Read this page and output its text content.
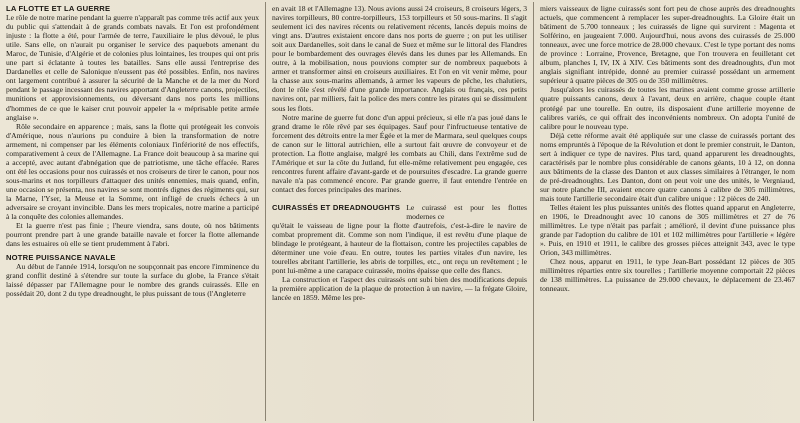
LA FLOTTE ET LA GUERRE

Le rôle de notre marine pendant la guerre n'apparaît pas comme très actif aux yeux du public qui s'attendait à de grands combats navals. Et l'on est profondément injuste : la flotte a été, pour l'armée de terre, l'auxiliaire le plus dévoué, le plus utile. Sans elle, on n'aurait pu organiser le service des paquebots amenant du Maroc, de Tunisie, d'Algérie et de colonies plus lointaines, les troupes qui ont pris une part si éclatante à toutes les batailles. Sans elle aussi l'entreprise des Dardanelles et celle de Salonique n'eussent pas été possibles. Enfin, nos navires ont largement contribué à assurer la sécurité de la Manche et de la mer du Nord pendant le passage incessant des navires apportant d'Angleterre canons, projectiles, munitions et approvisionnements, ou déversant dans nos ports les millions d'hommes de ce que le kaiser crut pouvoir appeler la « méprisable petite armée anglaise ».

Rôle secondaire en apparence ; mais, sans la flotte qui protégeait les convois d'Amérique, nous n'aurions pu conduire à bien la transformation de notre armement, ni compenser par les éléments coloniaux l'infériorité de nos effectifs, comparativement à ceux de l'Allemagne. La France doit beaucoup à sa marine qui a accepté, avec autant d'abnégation que de patriotisme, une tâche effacée. Rares ont été les occasions pour nos cuirassés et nos croiseurs de tirer le canon, pour nos sous-marins et nos torpilleurs d'attaquer des unités ennemies, mais quand, enfin, une occasion se présenta, nos navires se sont montrés dignes des régiments qui, sur la Marne, l'Yser, la Meuse et la Somme, ont infligé de cruels échecs à un adversaire se croyant invincible. Dans les mers tropicales, notre marine a participé à la conquête des colonies allemandes.

Et la guerre n'est pas finie ; l'heure viendra, sans doute, où nos bâtiments pourront prendre part à une grande bataille navale et forcer la flotte allemande dans les estuaires où elle se tient prudemment à l'abri.

NOTRE PUISSANCE NAVALE

Au début de l'année 1914, lorsqu'on ne soupçonnait pas encore l'imminence du grand conflit destiné à s'étendre sur toute la surface du globe, la France s'était laissé dépasser par l'Allemagne pour le nombre des grands cuirassés. Elle en possédait 20, dont 2 du type dreadnought, le plus puissant de tous (l'Angleterre

en avait 18 et l'Allemagne 13). Nous avions aussi 24 croiseurs, 8 croiseurs légers, 3 navires torpilleurs, 80 contre-torpilleurs, 153 torpilleurs et 50 sous-marins. Il s'agit seulement ici des navires récents ou relativement récents, lancés depuis moins de vingt ans. D'autres existaient encore dans nos ports de guerre ; on put les utiliser soit aux Dardanelles, soit dans le canal de Suez et même sur le littoral des Flandres pour le bombardement des ouvrages élevés dans les dunes par les Allemands. En outre, à la mobilisation, nous pouvions compter sur de nombreux paquebots à armer et transformer ainsi en croiseurs auxiliaires. Et l'on en vit venir même, pour la chasse aux sous-marins allemands, à armer les vapeurs de pêche, les chalutiers, dont le rôle s'est révélé d'une grande importance. Anglais ou français, ces petits navires ont, par milliers, fait la police des mers contre les pirates qui se dissimulent sous les flots.

Notre marine de guerre fut donc d'un appui précieux, si elle n'a pas joué dans le grand drame le rôle rêvé par ses équipages. Sauf pour l'infructueuse tentative de forcement des détroits entre la mer Égée et la mer de Marmara, seul quelques coups de canon sur le littoral autrichien, elle a surtout fait œuvre de convoyeur et de protection. La flotte anglaise, malgré les combats au Chili, dans l'extrême sud de l'Amérique et sur la côte du Jutland, fut elle-même relativement peu engagée, ces rencontres furent affaire d'avant-garde et de poursuites d'escadre. La grande guerre navale n'a pas commencé encore. Par grande guerre, il faut entendre l'entrée en contact des forces principales des marines.

CUIRASSÉS ET DREADNOUGHTS Le cuirassé est pour les flottes modernes ce

qu'était le vaisseau de ligne pour la flotte d'autrefois, c'est-à-dire le navire de combat proprement dit. Comme son nom l'indique, il est revêtu d'une plaque de blindage le protégeant, à hauteur de la flottaison, contre les projectiles capables de déterminer une voie d'eau. En outre, toutes les parties vitales d'un navire, les tourelles abritant l'artillerie, les abris de torpilles, etc., ont reçu un revêtement ; le pont lui-même a une carapace cuirassée, moins épaisse que celle des flancs.

La construction et l'aspect des cuirassés ont subi bien des modifications depuis la première application de la plaque de protection à un navire, — la frégate Gloire, lancée en 1859. Même les pre-

miers vaisseaux de ligne cuirassés sont fort peu de chose auprès des dreadnoughts actuels, que commencent à remplacer les super-dreadnoughts. La Gloire était un bâtiment de 5.700 tonneaux ; les cuirassés de ligne qui survirent : Magenta et Solférino, en jaugeaient 7.000. Aujourd'hui, nous avons des cuirassés de 25.000 tonneaux, avec une force motrice de 28.000 chevaux. C'est le type portant des noms de province : Lorraine, Provence, Bretagne, que l'on trouvera en feuilletant cet album, planches I, IV, IX à XIV. Ces bâtiments sont des dreadnoughts, d'un mot anglais signifiant intrépide, donné au premier cuirassé possédant un armement supérieur à quatre pièces de 305 ou de 350 millimètres.

Jusqu'alors les cuirassés de toutes les marines avaient comme grosse artillerie quatre puissants canons, deux à l'avant, deux en arrière, chaque couple étant protégé par une tourelle. En outre, ils disposaient d'une artillerie moyenne de calibres variés, ce qui offrait des inconvénients nombreux. On adopta l'unité de calibre pour le nouveau type.

Déjà cette réforme avait été appliquée sur une classe de cuirassés portant des noms empruntés à l'époque de la Révolution et dont le premier construit, le Danton, sert à indiquer ce type de navires. Plus tard, quand apparurent les dreadnoughts, caractérisés par le nombre plus considérable de canons géants, 10 à 12, on donna aux bâtiments de la classe des Danton et aux classes similaires à l'étranger, le nom de pré-dreadnoughts. Les Danton, dont on peut voir une des unités, le Vergniaud, sur notre planche III, avaient encore quatre canons à calibre de 305 millimètres, mais toute l'artillerie secondaire était d'un calibre unique : 12 pièces de 240.

Telles étaient les plus puissantes unités des flottes quand apparut en Angleterre, en 1906, le Dreadnought avec 10 canons de 305 millimètres et 27 de 76 millimètres. Le type n'était pas parfait ; amélioré, il devint d'une puissance plus grande par l'adoption du calibre de 101 et 102 millimètres pour l'artillerie « légère ». Puis, en 1910 et 1911, le calibre des grosses pièces atteignit 343, avec le type Orion, 343 millimètres.

Chez nous, apparut en 1911, le type Jean-Bart possédant 12 pièces de 305 millimètres réparties entre six tourelles ; l'artillerie moyenne comportait 22 pièces de 138 millimètres. La puissance de 29.000 chevaux, le déplacement de 23.467 tonneaux.
